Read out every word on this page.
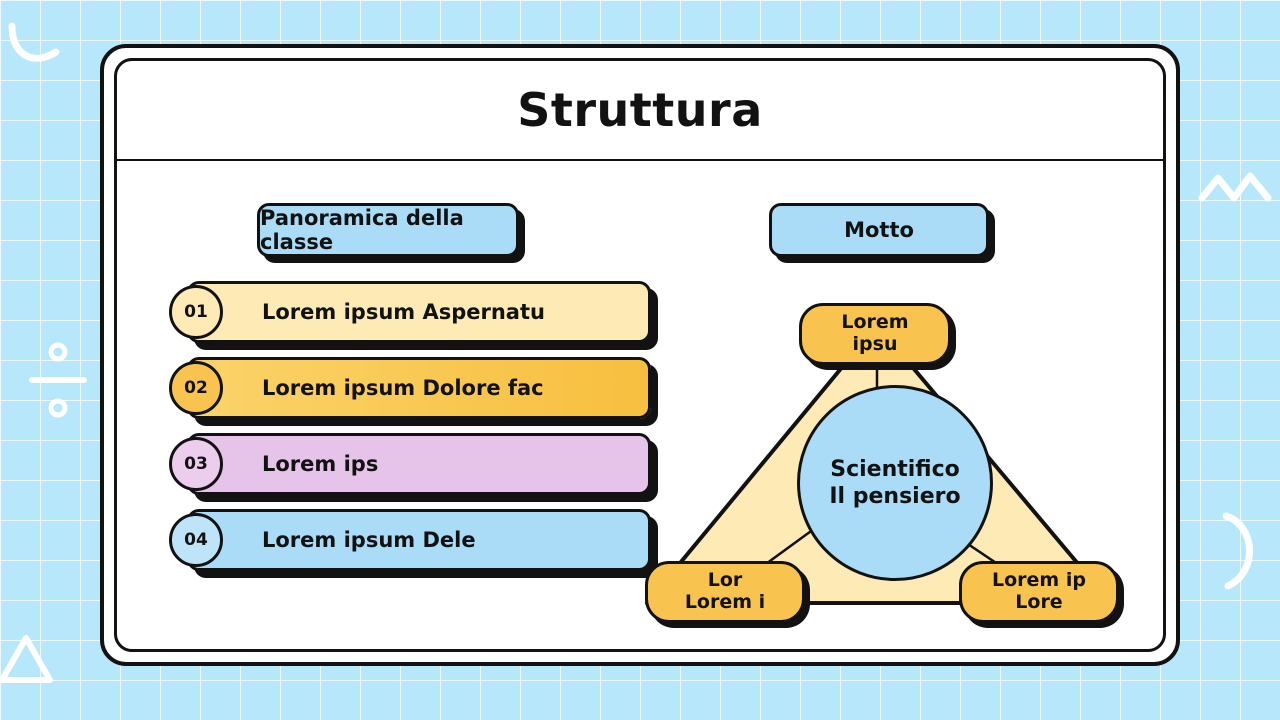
Struttura
Panoramica della classe	Motto
Lorem ipsum Aspernatu
01
Lorem ipsum Dolore fac
02
Lorem ips
03
Lorem ipsum Dele
04
Lorem
ipsu
Lor
Lorem i
Lorem ip
Lore
Scientifico
Il pensiero
